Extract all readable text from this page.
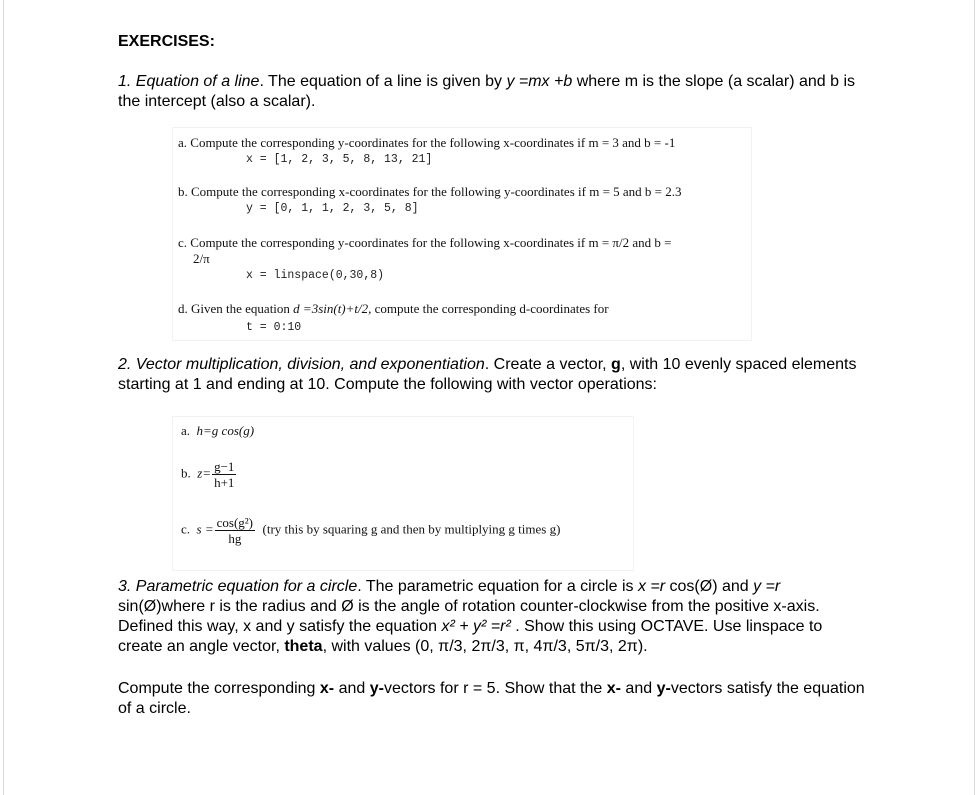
EXERCISES:
1. Equation of a line. The equation of a line is given by y =mx +b where m is the slope (a scalar) and b is the intercept (also a scalar).
a. Compute the corresponding y-coordinates for the following x-coordinates if m = 3 and b = -1
x = [1, 2, 3, 5, 8, 13, 21]
b. Compute the corresponding x-coordinates for the following y-coordinates if m = 5 and b = 2.3
y = [0, 1, 1, 2, 3, 5, 8]
c. Compute the corresponding y-coordinates for the following x-coordinates if m = π/2 and b =
2/π
x = linspace(0,30,8)
d. Given the equation d =3sin(t)+t/2, compute the corresponding d-coordinates for
t = 0:10
2. Vector multiplication, division, and exponentiation. Create a vector, g, with 10 evenly spaced elements starting at 1 and ending at 10. Compute the following with vector operations:
a. h=g cos(g)
b. $z= \frac{g-1}{h+1}$
c. $s = \frac{\text{cos(g²)}}{hg} (try$ this by squaring g and then by multiplying g times g)
3. Parametric equation for a circle. The parametric equation for a circle is x =r cos(Ø) and y =r sin(Ø)where r is the radius and Ø is the angle of rotation counter-clockwise from the positive x-axis. Defined this way, x and y satisfy the equation x² + y² =r² . Show this using OCTAVE. Use linspace to create an angle vector, theta, with values (0, π/3, 2π/3, π, 4π/3, 5π/3, 2π).
Compute the corresponding x- and y-vectors for r = 5. Show that the x- and y-vectors satisfy the equation of a circle.
